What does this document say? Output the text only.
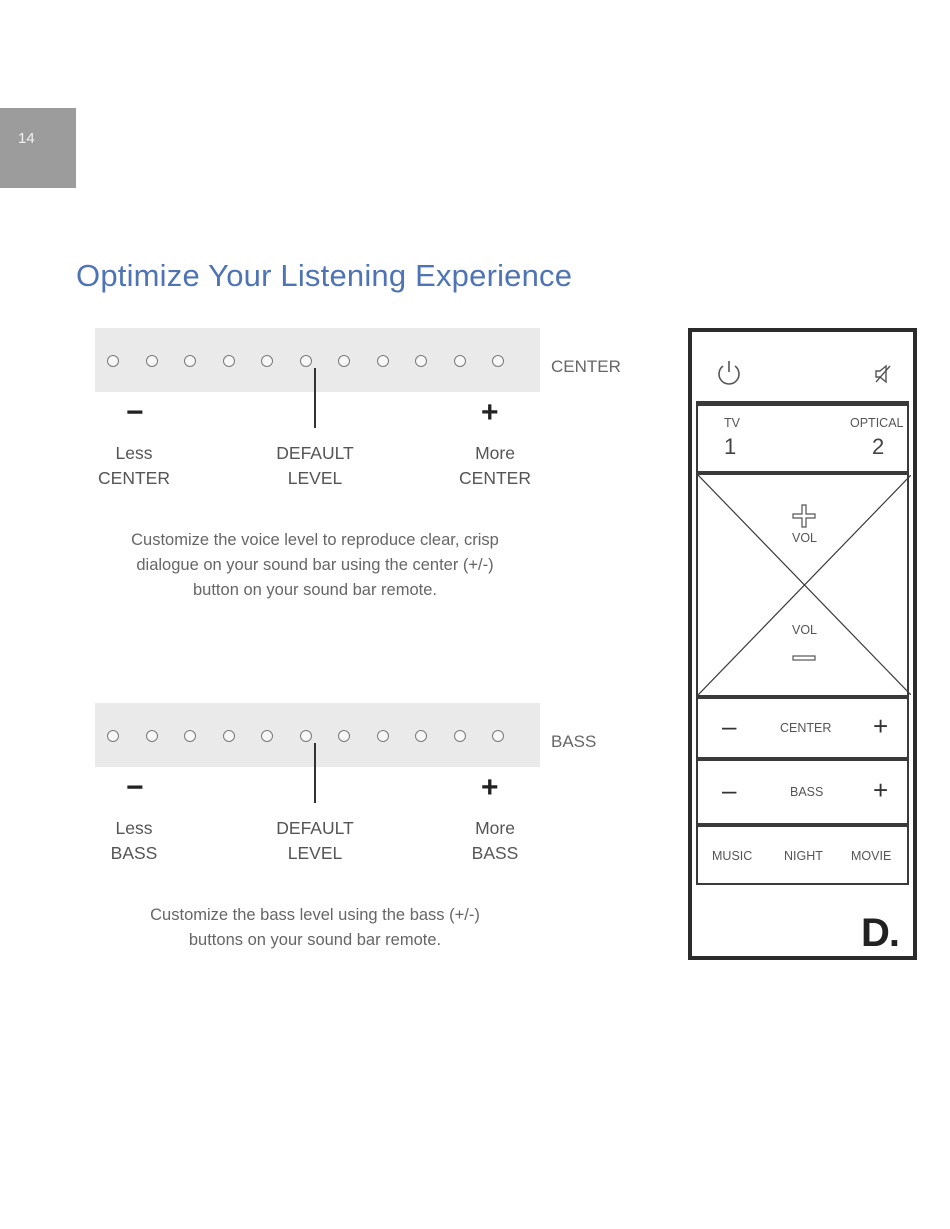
14
Optimize Your Listening Experience
CENTER
−	+
Less
CENTER
DEFAULT
LEVEL
More
CENTER

Customize the voice level to reproduce clear, crisp
dialogue on your sound bar using the center (+/-)
button on your sound bar remote.

BASS
−	+
Less
BASS
DEFAULT
LEVEL
More
BASS

Customize the bass level using the bass (+/-)
buttons on your sound bar remote.

TV
1
OPTICAL
2
VOL
VOL
–	CENTER +
–	BASS +
MUSIC	NIGHT MOVIE
D.
